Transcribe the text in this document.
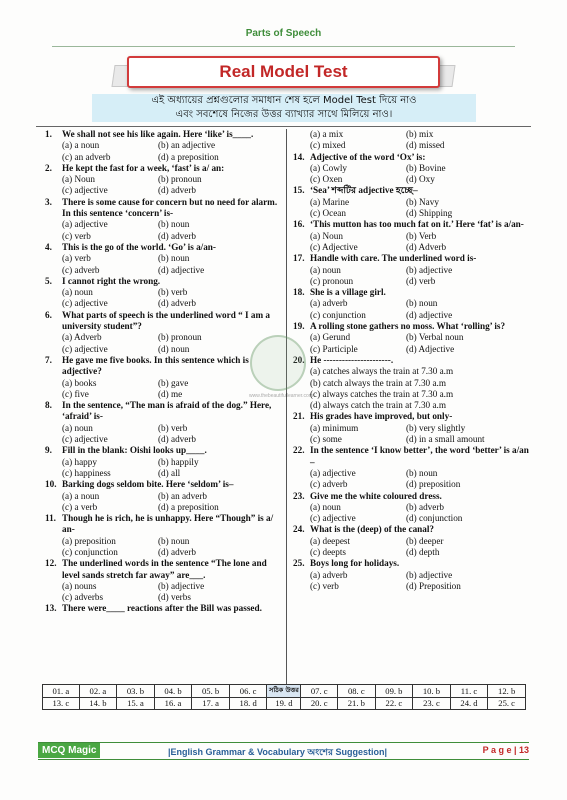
Parts of Speech
Real Model Test
এই অধ্যায়ের প্রশ্নগুলোর সমাধান শেষ হলে Model Test দিয়ে নাও
এবং সবশেষে নিজের উত্তর ব্যাখ্যার সাথে মিলিয়ে নাও।
1.	We shall not see his like again. Here ‘like’ is____.
(a) a noun	(b) an adjective
(c) an adverb	(d) a preposition
2.	He kept the fast for a week, ‘fast’ is a/ an:
(a) Noun	(b) pronoun
(c) adjective	(d) adverb
3.	There is some cause for concern but no need for alarm. In this sentence ‘concern’ is-
(a) adjective	(b) noun
(c) verb	(d) adverb
4.	This is the go of the world. ‘Go’ is a/an-
(a) verb	(b) noun
(c) adverb	(d) adjective
5.	I cannot right the wrong.
(a) noun	(b) verb
(c) adjective	(d) adverb
6.	What parts of speech is the underlined word “ I am a university student”?
(a) Adverb	(b) pronoun
(c) adjective	(d) noun
7.	He gave me five books. In this sentence which is adjective?
(a) books	(b) gave
(c) five	(d) me
8.	In the sentence, “The man is afraid of the dog.” Here, ‘afraid’ is-
(a) noun	(b) verb
(c) adjective	(d) adverb
9.	Fill in the blank: Oishi looks up____.
(a) happy	(b) happily
(c) happiness	(d) all
10. Barking dogs seldom bite. Here ‘seldom’ is–
(a) a noun	(b) an adverb
(c) a verb	(d) a preposition
11. Though he is rich, he is unhappy. Here “Though” is a/ an-
(a) preposition	(b) noun
(c) conjunction	(d) adverb
12. The underlined words in the sentence “The lone and level sands stretch far away” are___.
(a) nouns	(b) adjective
(c) adverbs	(d) verbs
13. There were____ reactions after the Bill was passed.
(a) a mix	(b) mix
(c) mixed	(d) missed
14. Adjective of the word ‘Ox’ is:
(a) Cowly	(b) Bovine
(c) Oxen	(d) Oxy
15. ‘Sea’ শব্দটির adjective হচ্ছে–
(a) Marine	(b) Navy
(c) Ocean	(d) Shipping
16. ‘This mutton has too much fat on it.’ Here ‘fat’ is a/an-
(a) Noun	(b) Verb
(c) Adjective	(d) Adverb
17. Handle with care. The underlined word is-
(a) noun	(b) adjective
(c) pronoun	(d) verb
18. She is a village girl.
(a) adverb	(b) noun
(c) conjunction	(d) adjective
19. A rolling stone gathers no moss. What ‘rolling’ is?
(a) Gerund	(b) Verbal noun
(c) Participle	(d) Adjective
20. He ----------------------.
(a) catches always the train at 7.30 a.m
(b) catch always the train at 7.30 a.m
(c) always catches the train at 7.30 a.m
(d) always catch the train at 7.30 a.m
21. His grades have improved, but only-
(a) minimum	(b) very slightly
(c) some	(d) in a small amount
22. In the sentence ‘I know better’, the word ‘better’ is a/an –
(a) adjective	(b) noun
(c) adverb	(d) preposition
23. Give me the white coloured dress.
(a) noun	(b) adverb
(c) adjective	(d) conjunction
24. What is the (deep) of the canal?
(a) deepest	(b) deeper
(c) deepts	(d) depth
25. Boys long for holidays.
(a) adverb	(b) adjective
(c) verb	(d) Preposition
www.thebeautifullearner.com
01. a	02. a	03. b	04. b	05. b	06. c	সঠিক উত্তর	07. c	08. c	09. b	10. b	11. c	12. b
13. c	14. b	15. a	16. a	17. a	18. d	19. d	20. c	21. b	22. c	23. c	24. d	25. c
MCQ Magic	|English Grammar & Vocabulary অংশের Suggestion|	P a g e | 13
